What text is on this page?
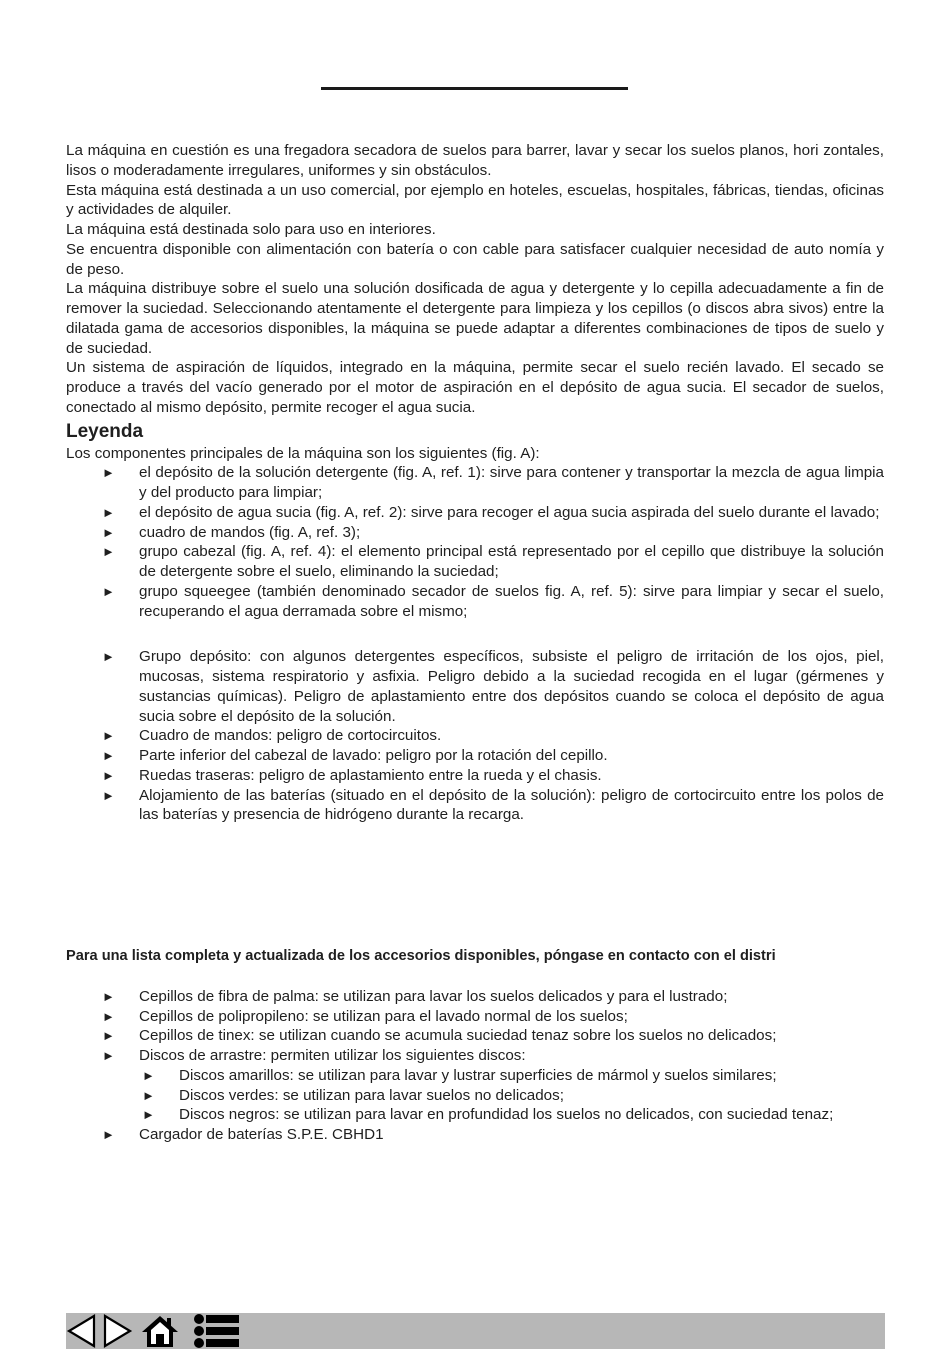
La máquina en cuestión es una fregadora secadora de suelos para barrer, lavar y secar los suelos planos, hori zontales, lisos o moderadamente irregulares, uniformes y sin obstáculos.

Esta máquina está destinada a un uso comercial, por ejemplo en hoteles, escuelas, hospitales, fábricas, tiendas, oficinas y actividades de alquiler.

La máquina está destinada solo para uso en interiores.

Se encuentra disponible con alimentación con batería o con cable para satisfacer cualquier necesidad de auto nomía y de peso.

La máquina distribuye sobre el suelo una solución dosificada de agua y detergente y lo cepilla adecuadamente a fin de remover la suciedad. Seleccionando atentamente el detergente para limpieza y los cepillos (o discos abra sivos) entre la dilatada gama de accesorios disponibles, la máquina se puede adaptar a diferentes combinaciones de tipos de suelo y de suciedad.

Un sistema de aspiración de líquidos, integrado en la máquina, permite secar el suelo recién lavado. El secado se produce a través del vacío generado por el motor de aspiración en el depósito de agua sucia. El secador de suelos, conectado al mismo depósito, permite recoger el agua sucia.

Leyenda

Los componentes principales de la máquina son los siguientes (fig. A):

► el depósito de la solución detergente (fig. A, ref. 1): sirve para contener y transportar la mezcla de agua limpia y del producto para limpiar;
► el depósito de agua sucia (fig. A, ref. 2): sirve para recoger el agua sucia aspirada del suelo durante el lavado;
► cuadro de mandos (fig. A, ref. 3);
► grupo cabezal (fig. A, ref. 4): el elemento principal está representado por el cepillo que distribuye la solución de detergente sobre el suelo, eliminando la suciedad;
► grupo squeegee (también denominado secador de suelos fig. A, ref. 5): sirve para limpiar y secar el suelo, recuperando el agua derramada sobre el mismo;
► Grupo depósito: con algunos detergentes específicos, subsiste el peligro de irritación de los ojos, piel, mucosas, sistema respiratorio y asfixia. Peligro debido a la suciedad recogida en el lugar (gérmenes y sustancias químicas). Peligro de aplastamiento entre dos depósitos cuando se coloca el depósito de agua sucia sobre el depósito de la solución.
► Cuadro de mandos: peligro de cortocircuitos.
► Parte inferior del cabezal de lavado: peligro por la rotación del cepillo.
► Ruedas traseras: peligro de aplastamiento entre la rueda y el chasis.
► Alojamiento de las baterías (situado en el depósito de la solución): peligro de cortocircuito entre los polos de las baterías y presencia de hidrógeno durante la recarga.

Para una lista completa y actualizada de los accesorios disponibles, póngase en contacto con el distri

► Cepillos de fibra de palma: se utilizan para lavar los suelos delicados y para el lustrado;
► Cepillos de polipropileno: se utilizan para el lavado normal de los suelos;
► Cepillos de tinex: se utilizan cuando se acumula suciedad tenaz sobre los suelos no delicados;
► Discos de arrastre: permiten utilizar los siguientes discos:
► Discos amarillos: se utilizan para lavar y lustrar superficies de mármol y suelos similares;
► Discos verdes: se utilizan para lavar suelos no delicados;
► Discos negros: se utilizan para lavar en profundidad los suelos no delicados, con suciedad tenaz;
► Cargador de baterías S.P.E. CBHD1
